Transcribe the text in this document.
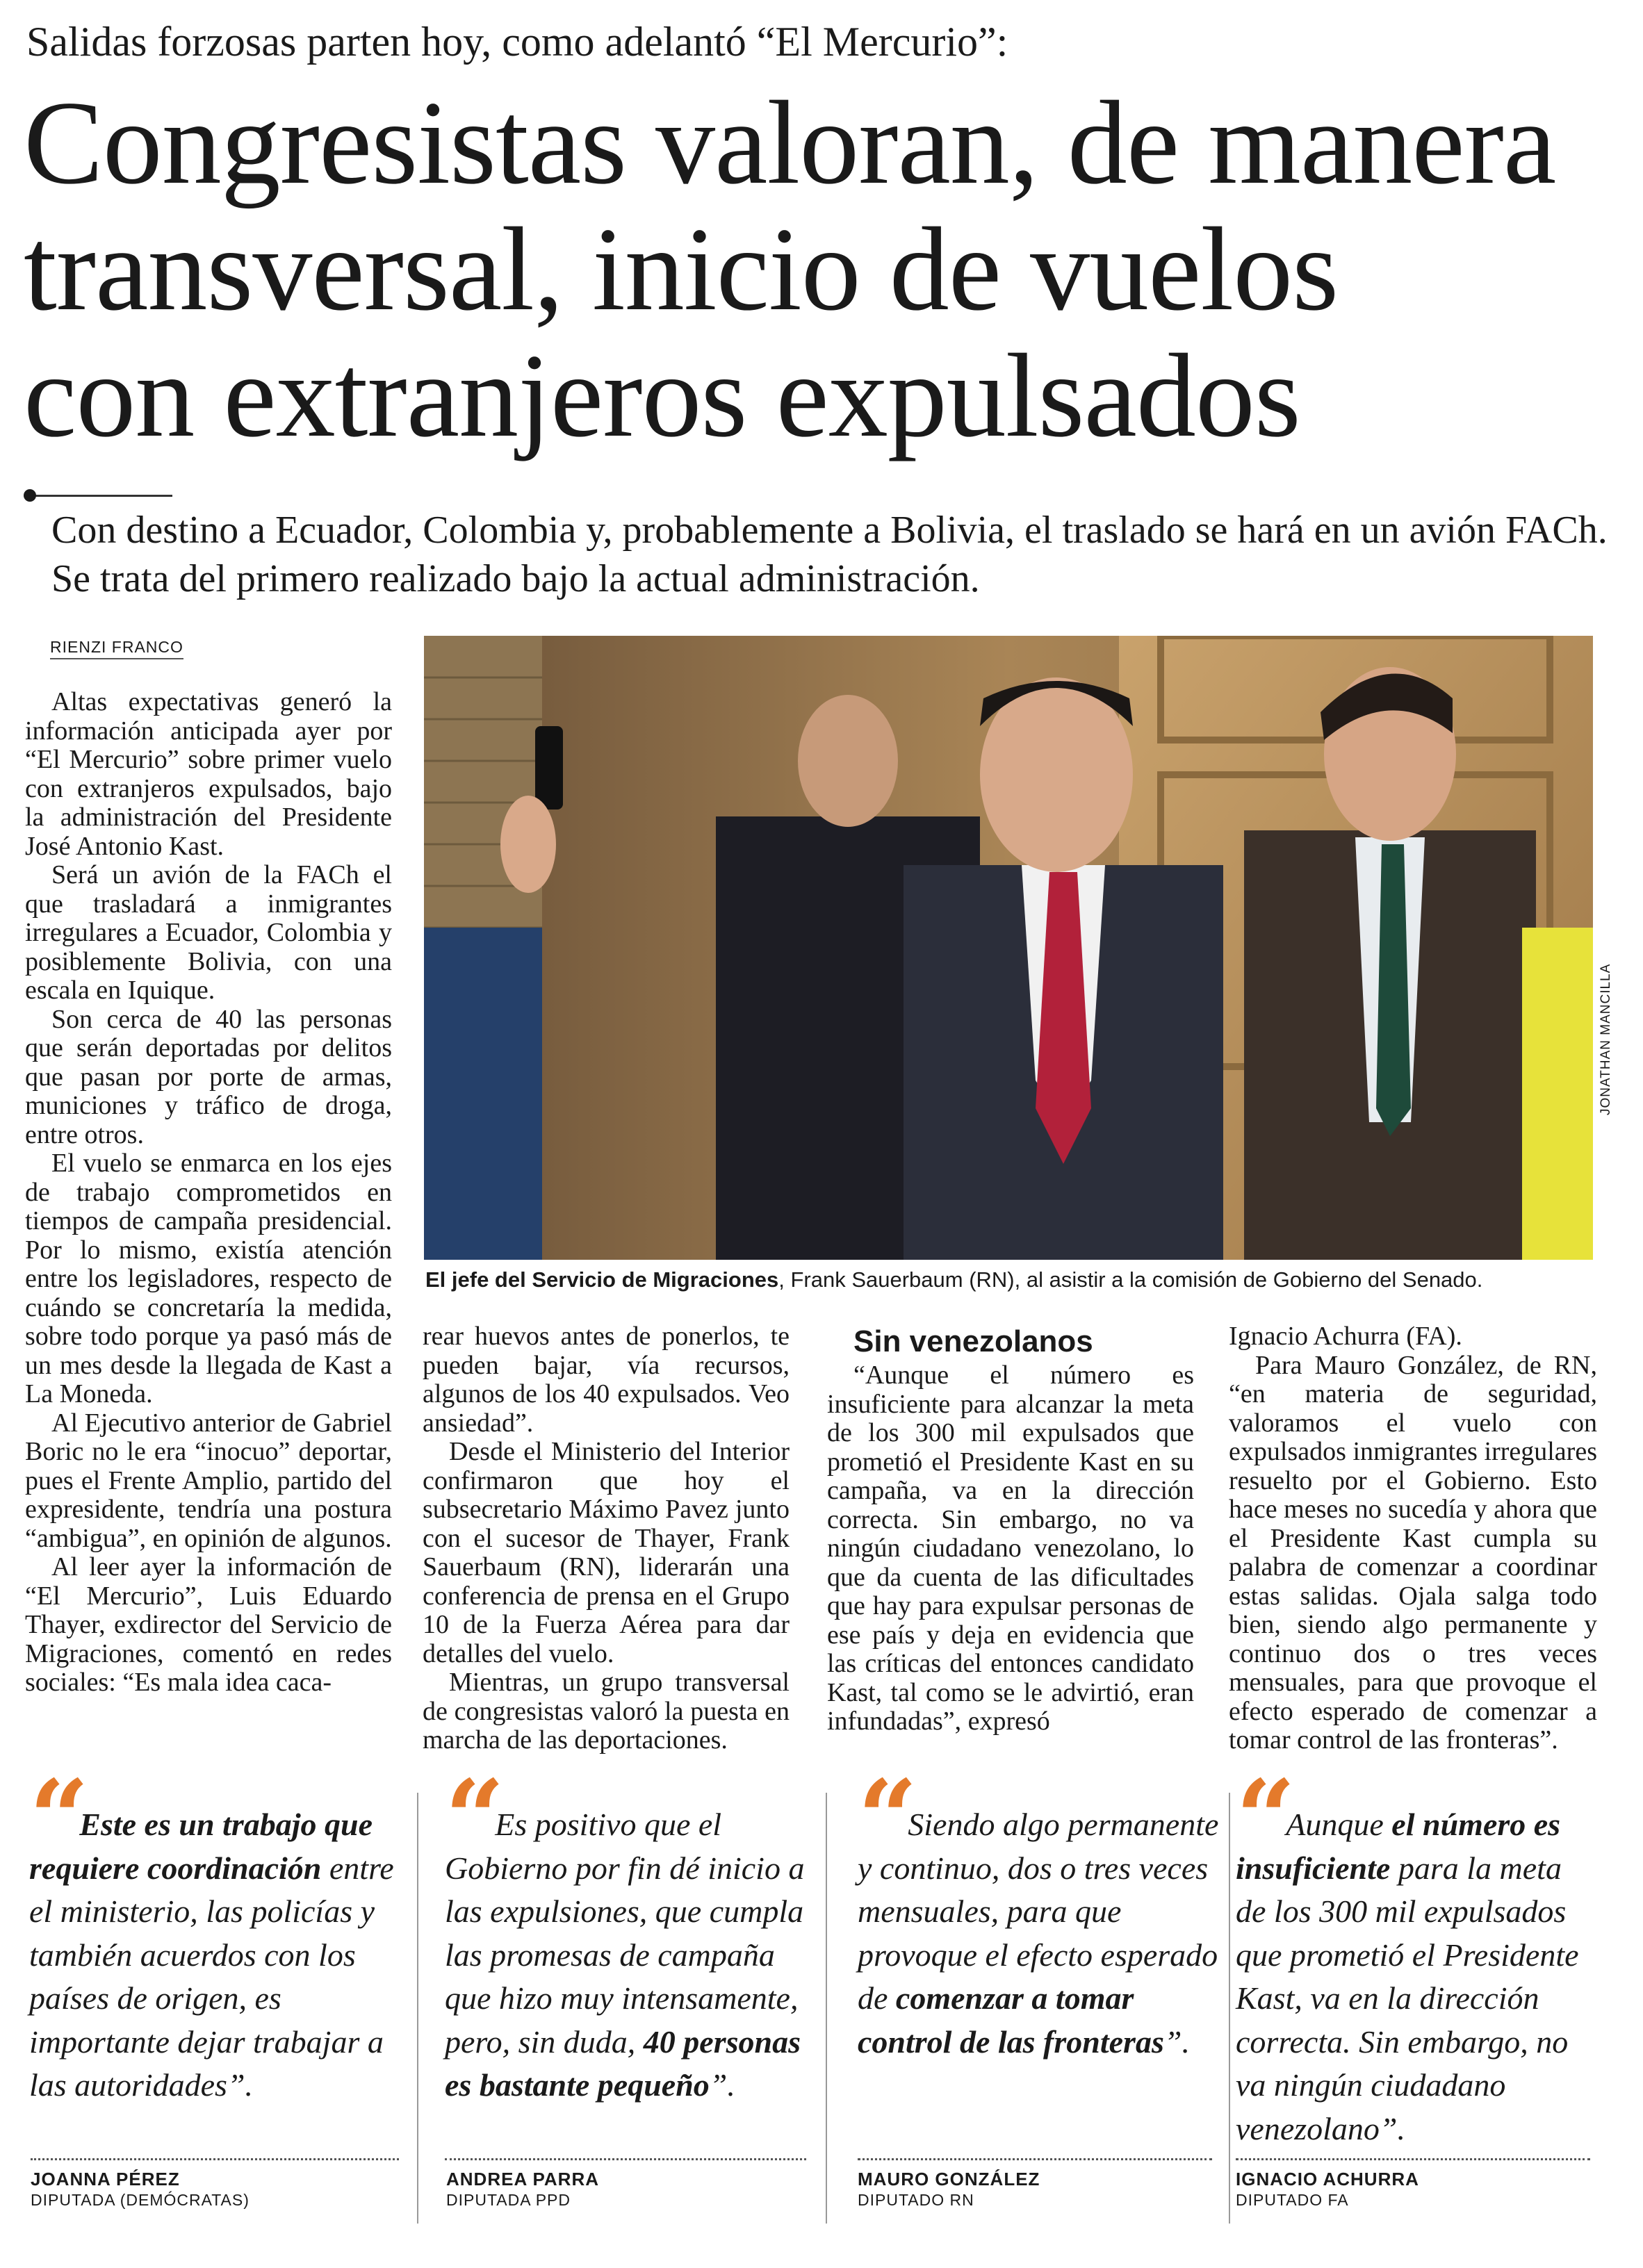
Salidas forzosas parten hoy, como adelantó “El Mercurio”:
Congresistas valoran, de manera
transversal, inicio de vuelos
con extranjeros expulsados
Con destino a Ecuador, Colombia y, probablemente a Bolivia, el traslado se hará en un avión FACh. Se trata del primero realizado bajo la actual administración.
RIENZI FRANCO
JONATHAN MANCILLA
El jefe del Servicio de Migraciones, Frank Sauerbaum (RN), al asistir a la comisión de Gobierno del Senado.

Altas expectativas generó la información anticipada ayer por “El Mercurio” sobre primer vuelo con extranjeros expulsados, bajo la administración del Presidente José Antonio Kast.

Será un avión de la FACh el que trasladará a inmigrantes irregulares a Ecuador, Colombia y posiblemente Bolivia, con una escala en Iquique.

Son cerca de 40 las personas que serán deportadas por delitos que pasan por porte de armas, municiones y tráfico de droga, entre otros.

El vuelo se enmarca en los ejes de trabajo comprometidos en tiempos de campaña presidencial. Por lo mismo, existía atención entre los legisladores, respecto de cuándo se concretaría la medida, sobre todo porque ya pasó más de un mes desde la llegada de Kast a La Moneda.

Al Ejecutivo anterior de Gabriel Boric no le era “inocuo” deportar, pues el Frente Amplio, partido del expresidente, tendría una postura “ambigua”, en opinión de algunos.

Al leer ayer la información de “El Mercurio”, Luis Eduardo Thayer, exdirector del Servicio de Migraciones, comentó en redes sociales: “Es mala idea caca-

rear huevos antes de ponerlos, te pueden bajar, vía recursos, algunos de los 40 expulsados. Veo ansiedad”.

Desde el Ministerio del Interior confirmaron que hoy el subsecretario Máximo Pavez junto con el sucesor de Thayer, Frank Sauerbaum (RN), liderarán una conferencia de prensa en el Grupo 10 de la Fuerza Aérea para dar detalles del vuelo.

Mientras, un grupo transversal de congresistas valoró la puesta en marcha de las deportaciones.

Sin venezolanos

“Aunque el número es insuficiente para alcanzar la meta de los 300 mil expulsados que prometió el Presidente Kast en su campaña, va en la dirección correcta. Sin embargo, no va ningún ciudadano venezolano, lo que da cuenta de las dificultades que hay para expulsar personas de ese país y deja en evidencia que las críticas del entonces candidato Kast, tal como se le advirtió, eran infundadas”, expresó

Ignacio Achurra (FA).

Para Mauro González, de RN, “en materia de seguridad, valoramos el vuelo con expulsados inmigrantes irregulares resuelto por el Gobierno. Esto hace meses no sucedía y ahora que el Presidente Kast cumpla su palabra de comenzar a coordinar estas salidas. Ojala salga todo bien, siendo algo permanente y continuo dos o tres veces mensuales, para que provoque el efecto esperado de comenzar a tomar control de las fronteras”.

“ Este es un trabajo que requiere coordinación entre el ministerio, las policías y también acuerdos con los países de origen, es importante dejar trabajar a las autoridades”.
“ Es positivo que el Gobierno por fin dé inicio a las expulsiones, que cumpla las promesas de campaña que hizo muy intensamente, pero, sin duda, 40 personas es bastante pequeño”.
“ Siendo algo permanente y continuo, dos o tres veces mensuales, para que provoque el efecto esperado de comenzar a tomar control de las fronteras”.
“ Aunque el número es insuficiente para la meta de los 300 mil expulsados que prometió el Presidente Kast, va en la dirección correcta. Sin embargo, no va ningún ciudadano venezolano”.
JOANNA PÉREZ
DIPUTADA (DEMÓCRATAS)
ANDREA PARRA
DIPUTADA PPD
MAURO GONZÁLEZ
DIPUTADO RN
IGNACIO ACHURRA
DIPUTADO FA
